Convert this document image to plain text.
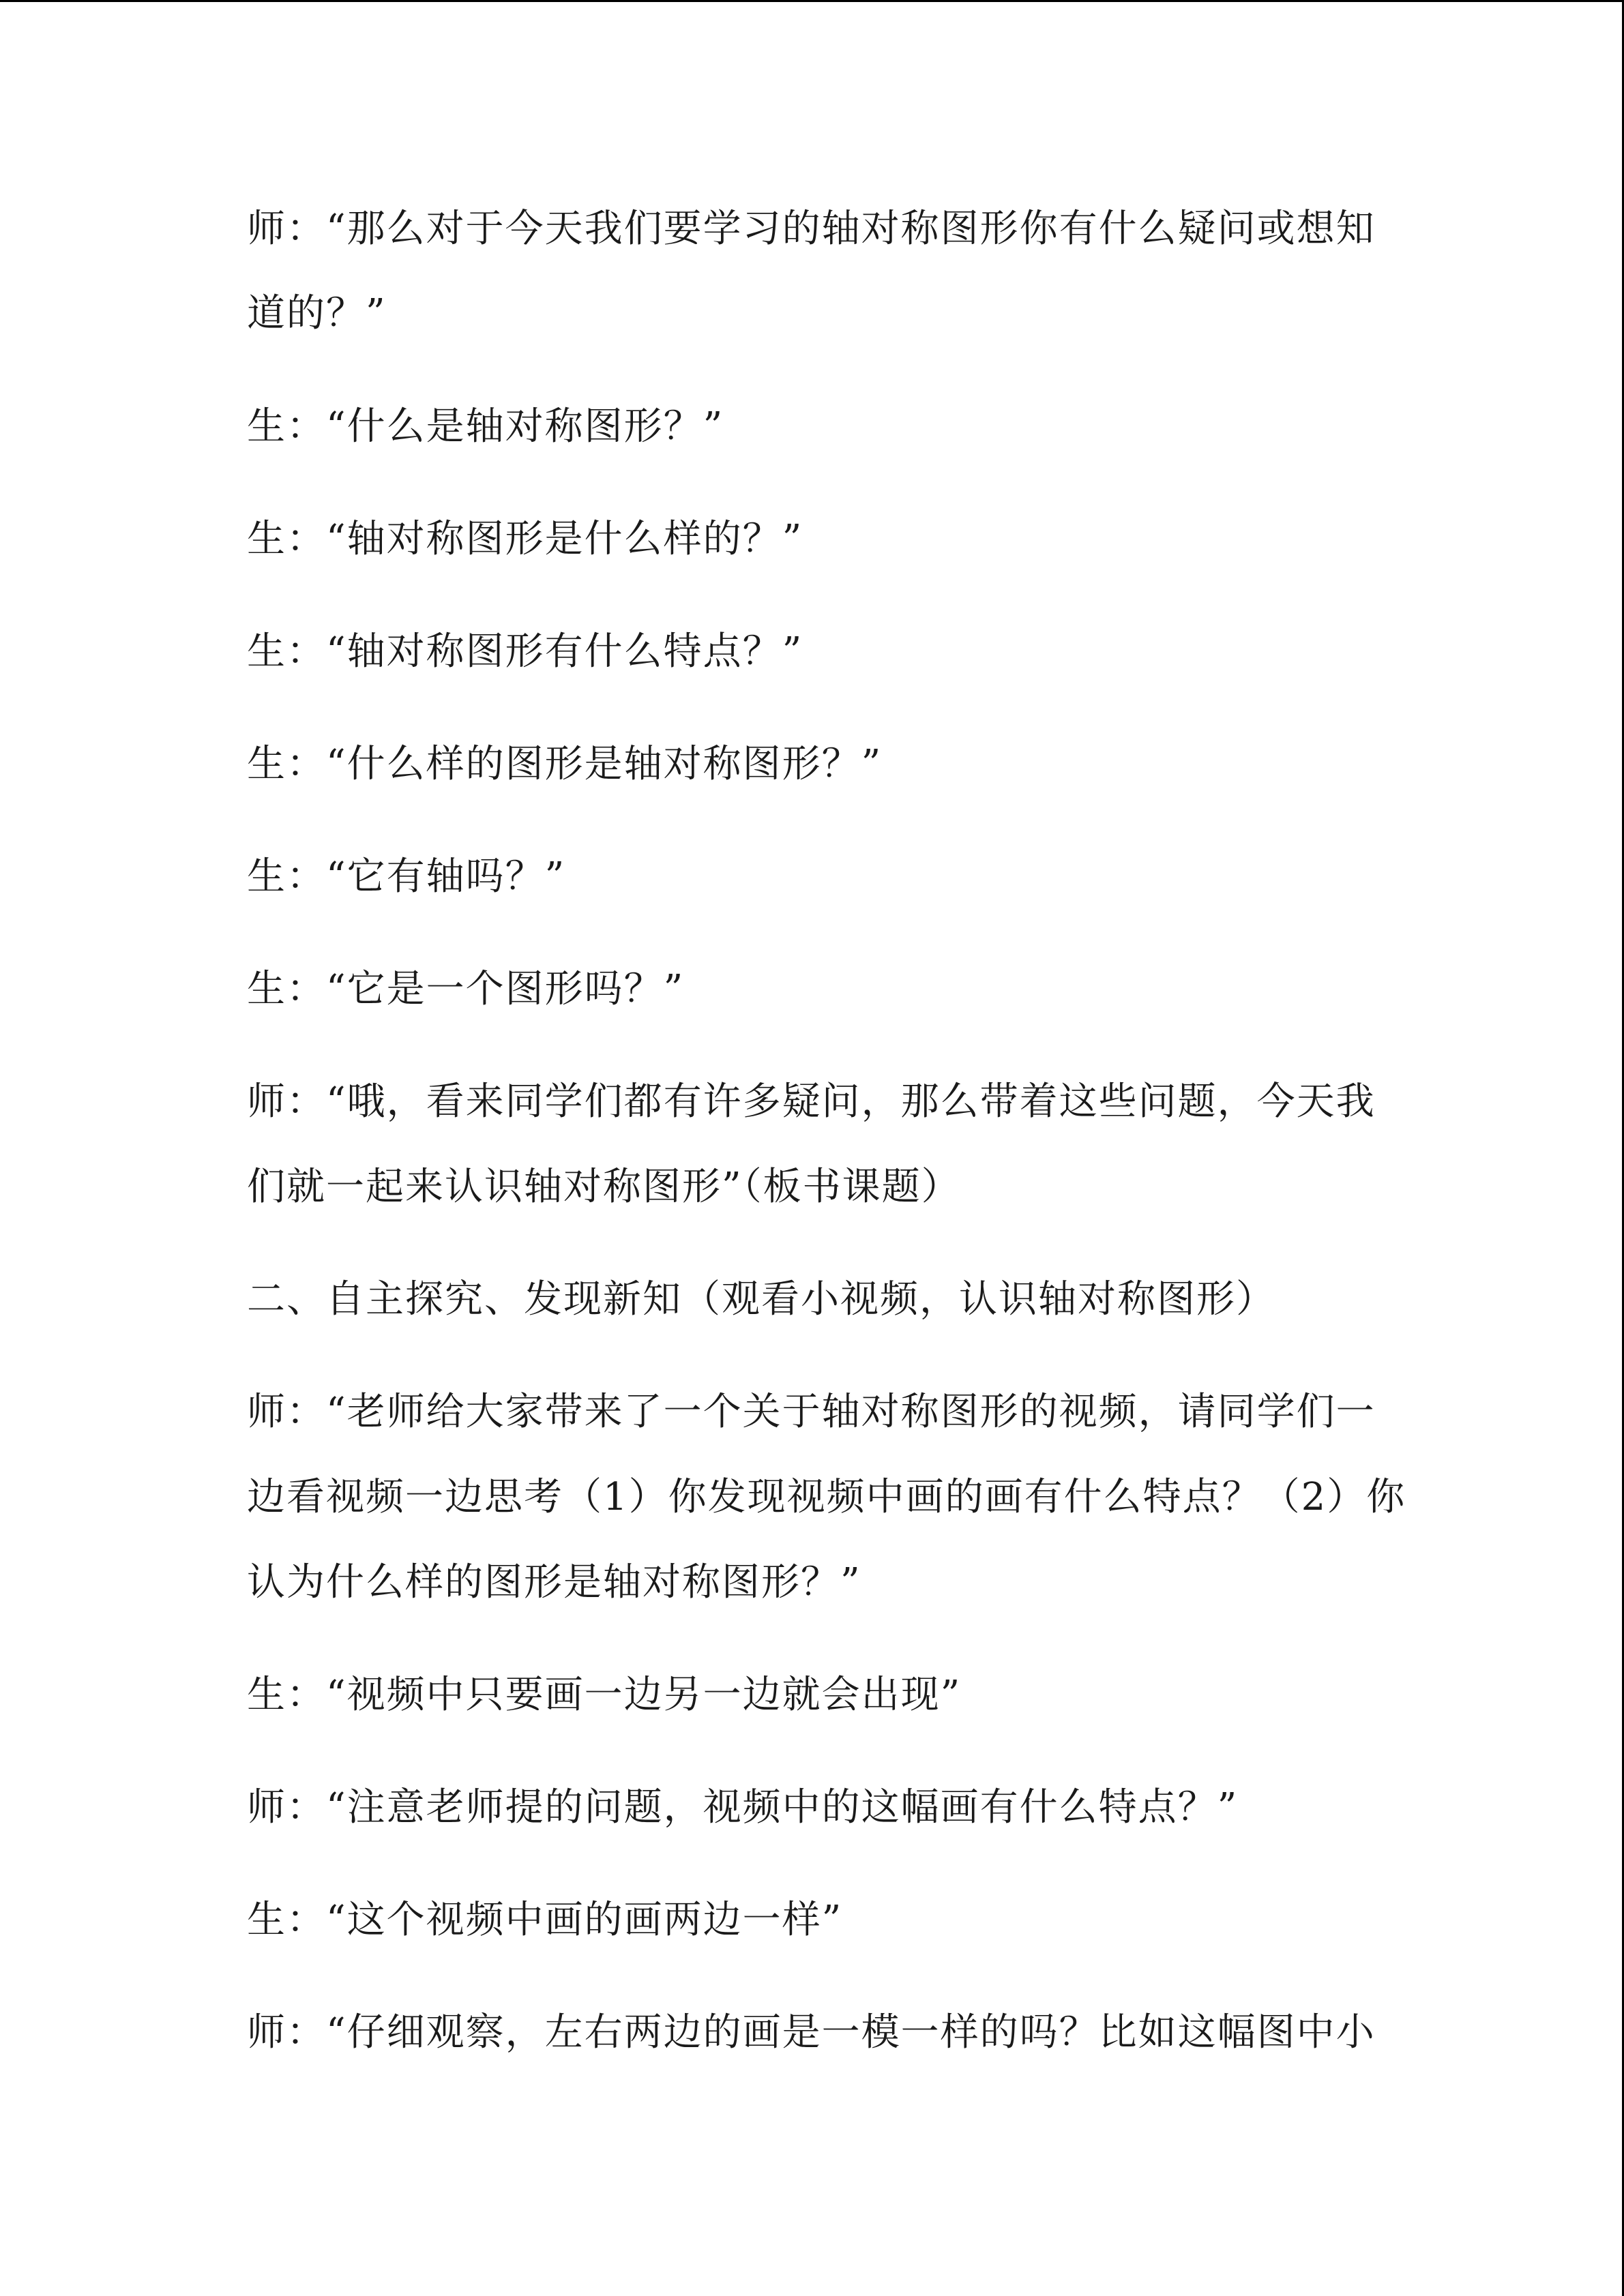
师：“那么对于今天我们要学习的轴对称图形你有什么疑问或想知
道的？”
生：“什么是轴对称图形？”
生：“轴对称图形是什么样的？”
生：“轴对称图形有什么特点？”
生：“什么样的图形是轴对称图形？”
生：“它有轴吗？”
生：“它是一个图形吗？”
师：“哦，看来同学们都有许多疑问，那么带着这些问题，今天我
们就一起来认识轴对称图形”（板书课题）
二、自主探究、发现新知（观看小视频，认识轴对称图形）
师：“老师给大家带来了一个关于轴对称图形的视频，请同学们一
边看视频一边思考（1）你发现视频中画的画有什么特点？（2）你
认为什么样的图形是轴对称图形？”
生：“视频中只要画一边另一边就会出现”
师：“注意老师提的问题，视频中的这幅画有什么特点？”
生：“这个视频中画的画两边一样”
师：“仔细观察，左右两边的画是一模一样的吗？比如这幅图中小
